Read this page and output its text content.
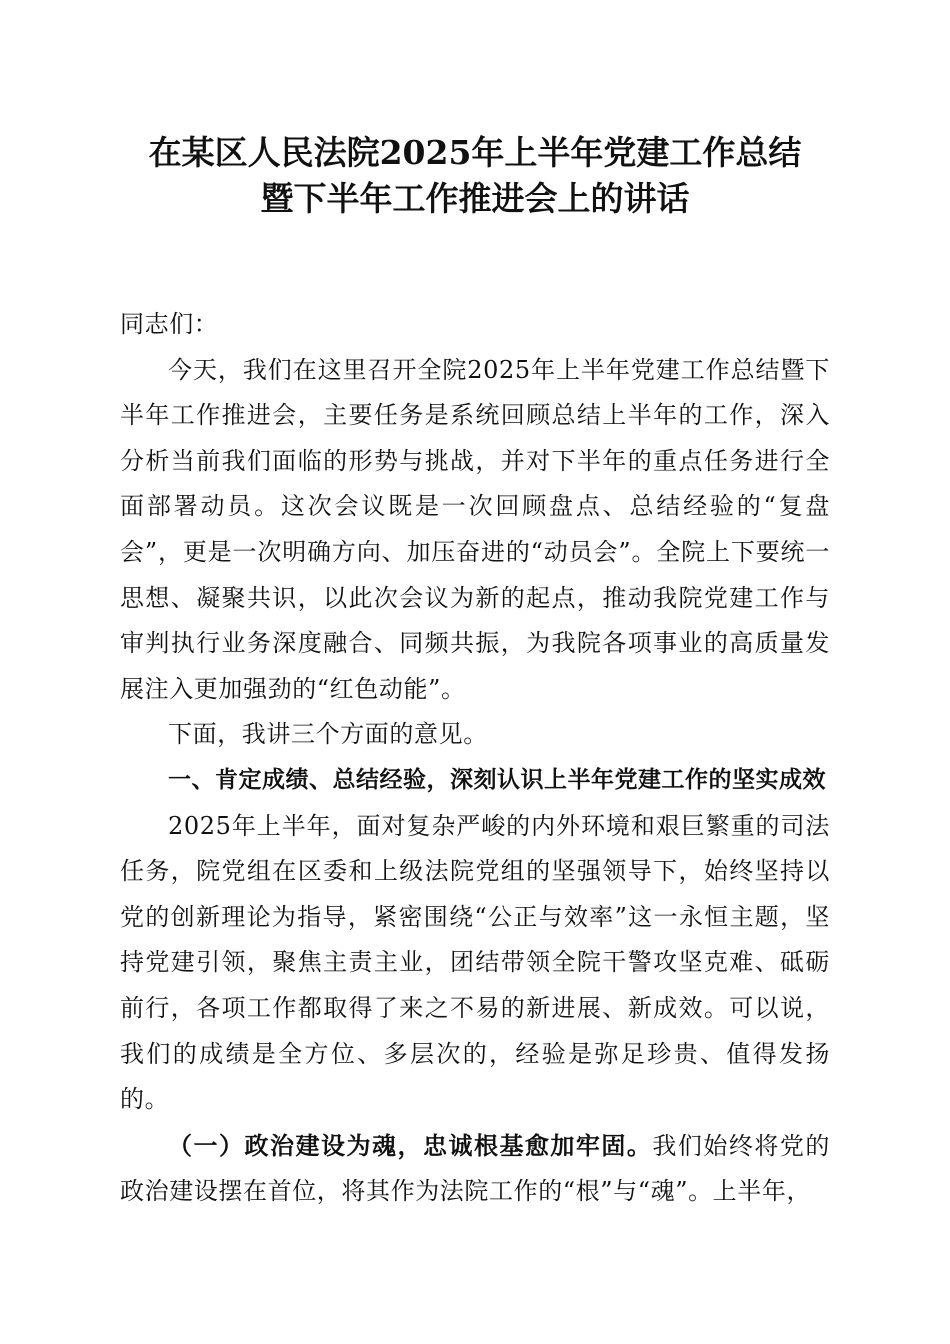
在某区人民法院2025年上半年党建工作总结
暨下半年工作推进会上的讲话

同志们：

今天，我们在这里召开全院2025年上半年党建工作总结暨下半年工作推进会，主要任务是系统回顾总结上半年的工作，深入分析当前我们面临的形势与挑战，并对下半年的重点任务进行全面部署动员。这次会议既是一次回顾盘点、总结经验的“复盘会”，更是一次明确方向、加压奋进的“动员会”。全院上下要统一思想、凝聚共识，以此次会议为新的起点，推动我院党建工作与审判执行业务深度融合、同频共振，为我院各项事业的高质量发展注入更加强劲的“红色动能”。

下面，我讲三个方面的意见。

一、肯定成绩、总结经验，深刻认识上半年党建工作的坚实成效

2025年上半年，面对复杂严峻的内外环境和艰巨繁重的司法任务，院党组在区委和上级法院党组的坚强领导下，始终坚持以党的创新理论为指导，紧密围绕“公正与效率”这一永恒主题，坚持党建引领，聚焦主责主业，团结带领全院干警攻坚克难、砥砺前行，各项工作都取得了来之不易的新进展、新成效。可以说，我们的成绩是全方位、多层次的，经验是弥足珍贵、值得发扬的。

（一）政治建设为魂，忠诚根基愈加牢固。我们始终将党的政治建设摆在首位，将其作为法院工作的“根”与“魂”。上半年，
